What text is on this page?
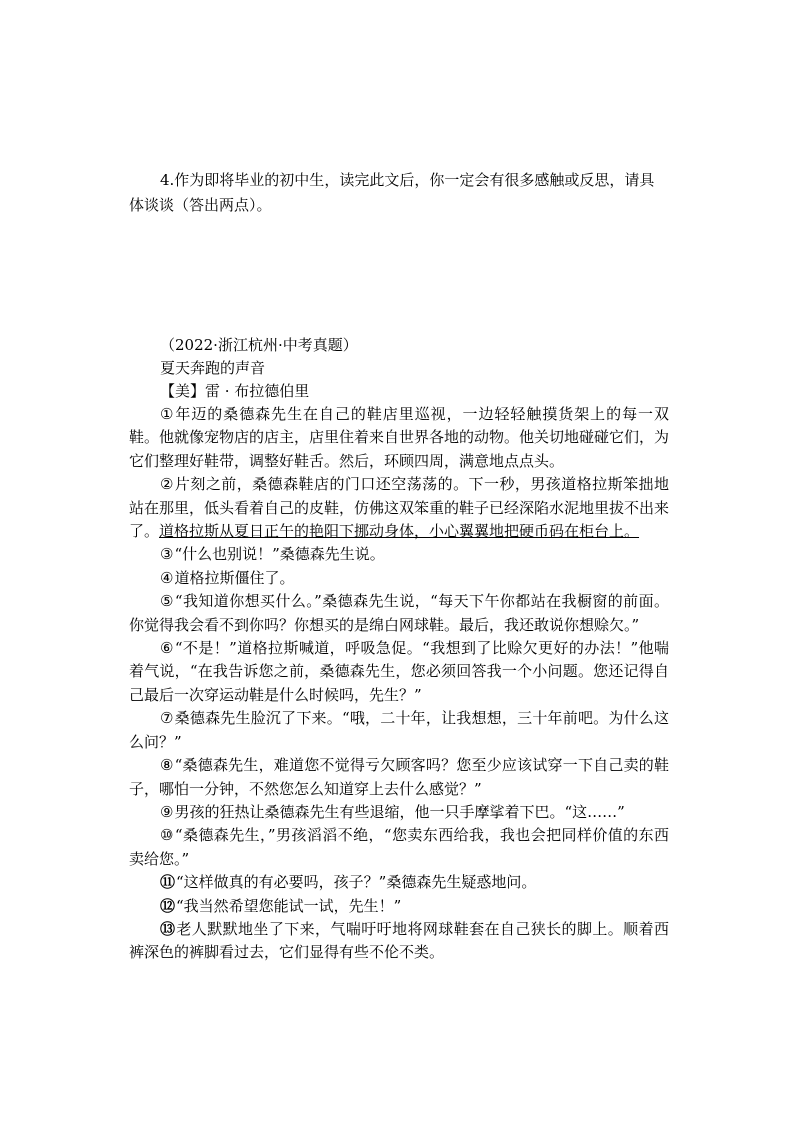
4.作为即将毕业的初中生，读完此文后，你一定会有很多感触或反思，请具体谈谈（答出两点）。

（2022·浙江杭州·中考真题）

夏天奔跑的声音

【美】雷 · 布拉德伯里

①年迈的桑德森先生在自己的鞋店里巡视，一边轻轻触摸货架上的每一双鞋。他就像宠物店的店主，店里住着来自世界各地的动物。他关切地碰碰它们，为它们整理好鞋带，调整好鞋舌。然后，环顾四周，满意地点点头。

②片刻之前，桑德森鞋店的门口还空荡荡的。下一秒，男孩道格拉斯笨拙地站在那里，低头看着自己的皮鞋，仿佛这双笨重的鞋子已经深陷水泥地里拔不出来了。道格拉斯从夏日正午的艳阳下挪动身体，小心翼翼地把硬币码在柜台上。

③“什么也别说！”桑德森先生说。

④道格拉斯僵住了。

⑤“我知道你想买什么。”桑德森先生说，“每天下午你都站在我橱窗的前面。你觉得我会看不到你吗？你想买的是绵白网球鞋。最后，我还敢说你想赊欠。”

⑥“不是！”道格拉斯喊道，呼吸急促。“我想到了比赊欠更好的办法！”他喘着气说，“在我告诉您之前，桑德森先生，您必须回答我一个小问题。您还记得自己最后一次穿运动鞋是什么时候吗，先生？”

⑦桑德森先生脸沉了下来。“哦，二十年，让我想想，三十年前吧。为什么这么问？”

⑧“桑德森先生，难道您不觉得亏欠顾客吗？您至少应该试穿一下自己卖的鞋子，哪怕一分钟，不然您怎么知道穿上去什么感觉？”

⑨男孩的狂热让桑德森先生有些退缩，他一只手摩挲着下巴。“这……”

⑩“桑德森先生，”男孩滔滔不绝，“您卖东西给我，我也会把同样价值的东西卖给您。”

⑪“这样做真的有必要吗，孩子？”桑德森先生疑惑地问。

⑫“我当然希望您能试一试，先生！”

⑬老人默默地坐了下来，气喘吁吁地将网球鞋套在自己狭长的脚上。顺着西裤深色的裤脚看过去，它们显得有些不伦不类。
